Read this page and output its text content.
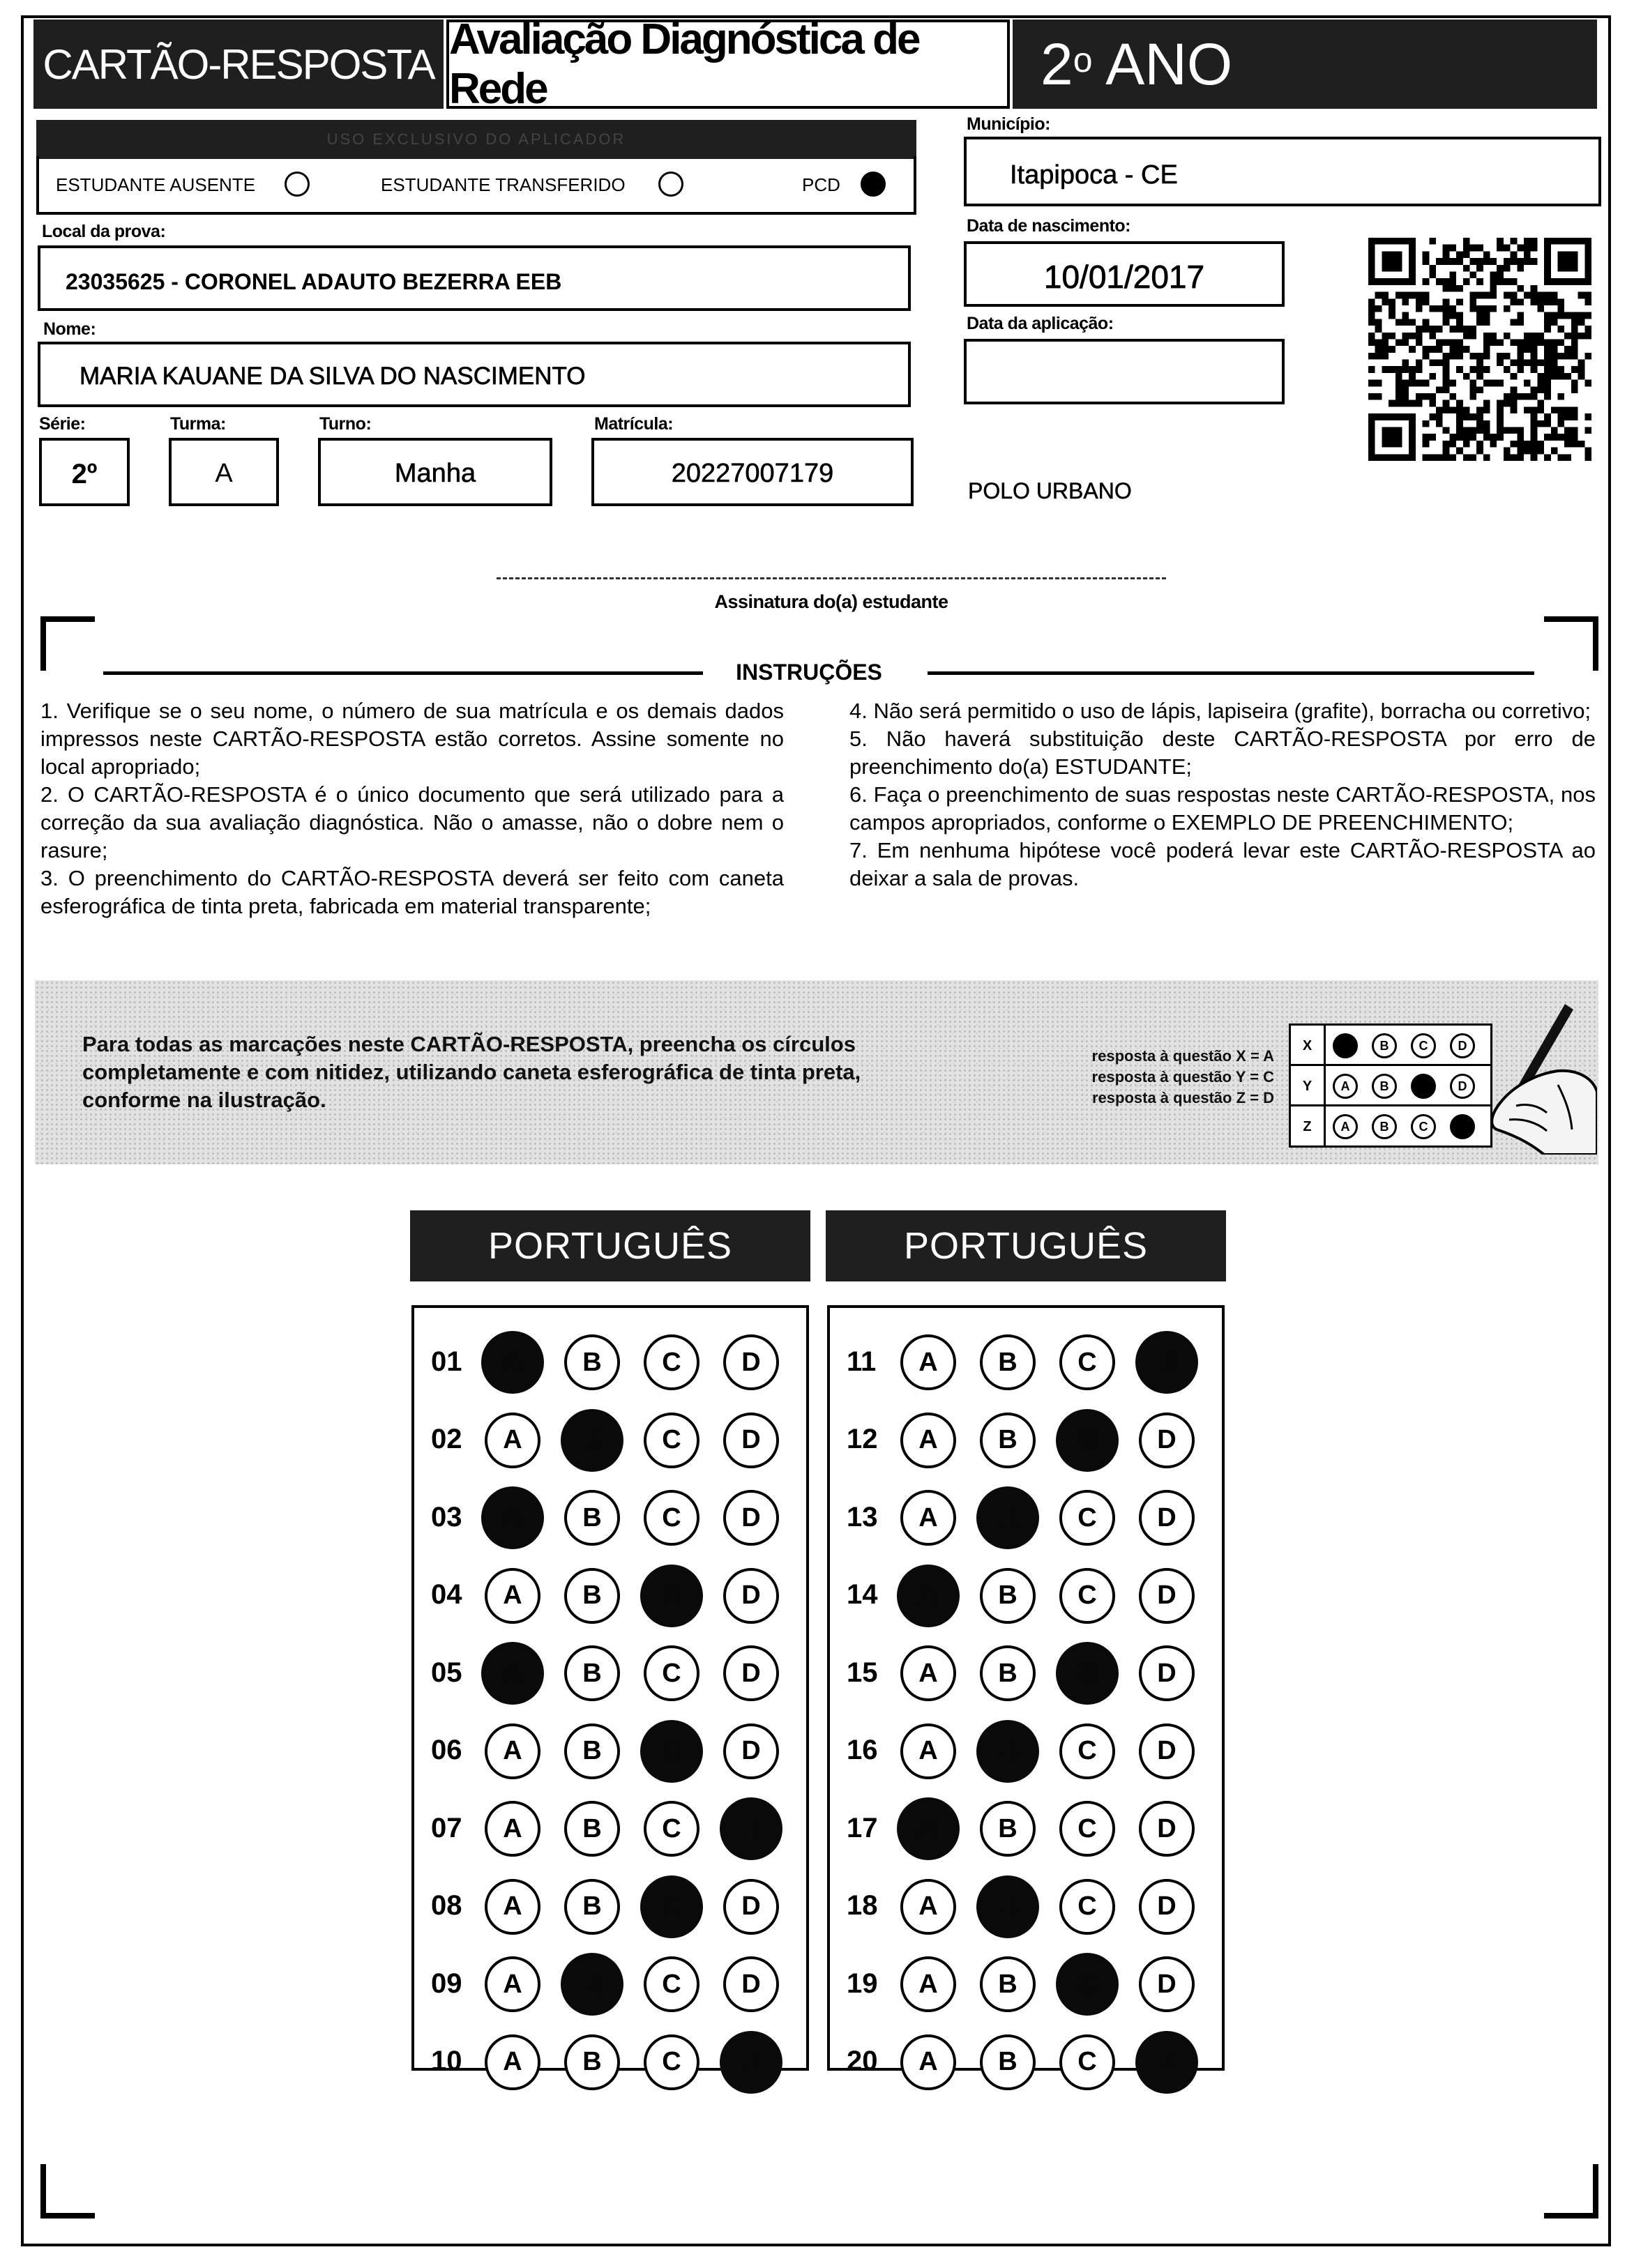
CARTÃO-RESPOSTA
Avaliação Diagnóstica de Rede	2$^o$ ANO
USO EXCLUSIVO DO APLICADOR
ESTUDANTE AUSENTE	ESTUDANTE TRANSFERIDO	PCD
Município:
Itapipoca - CE
Local da prova:
23035625 - CORONEL ADAUTO BEZERRA EEB
Data de nascimento:
10/01/2017
Nome:
MARIA KAUANE DA SILVA DO NASCIMENTO
Data da aplicação:
Série:
2º
Turma:
A
Turno:
Manha
Matrícula:
20227007179
POLO URBANO
Assinatura do(a) estudante
INSTRUÇÕES
1. Verifique se o seu nome, o número de sua matrícula e os demais dados impressos neste CARTÃO-RESPOSTA estão corretos. Assine somente no local apropriado;
2. O CARTÃO-RESPOSTA é o único documento que será utilizado para a correção da sua avaliação diagnóstica. Não o amasse, não o dobre nem o rasure;
3. O preenchimento do CARTÃO-RESPOSTA deverá ser feito com caneta esferográfica de tinta preta, fabricada em material transparente;
4. Não será permitido o uso de lápis, lapiseira (grafite), borracha ou corretivo;
5. Não haverá substituição deste CARTÃO-RESPOSTA por erro de preenchimento do(a) ESTUDANTE;
6. Faça o preenchimento de suas respostas neste CARTÃO-RESPOSTA, nos campos apropriados, conforme o EXEMPLO DE PREENCHIMENTO;
7. Em nenhuma hipótese você poderá levar este CARTÃO-RESPOSTA ao deixar a sala de provas.
Para todas as marcações neste CARTÃO-RESPOSTA, preencha os círculos completamente e com nitidez, utilizando caneta esferográfica de tinta preta, conforme na ilustração.
resposta à questão X = A
resposta à questão Y = C
resposta à questão Z = D
X	B	C	D
Y	A	B	D
Z	A	B	C
PORTUGUÊS
01	A	B	C	D
02	A	B	C	D
03	A	B	C	D
04	A	B	C	D
05	A	B	C	D
06	A	B	C	D
07	A	B	C	D
08	A	B	C	D
09	A	B	C	D
10	A	B	C	D
PORTUGUÊS
11	A	B	C	D
12	A	B	C	D
13	A	B	C	D
14	A	B	C	D
15	A	B	C	D
16	A	B	C	D
17	A	B	C	D
18	A	B	C	D
19	A	B	C	D
20	A	B	C	D
